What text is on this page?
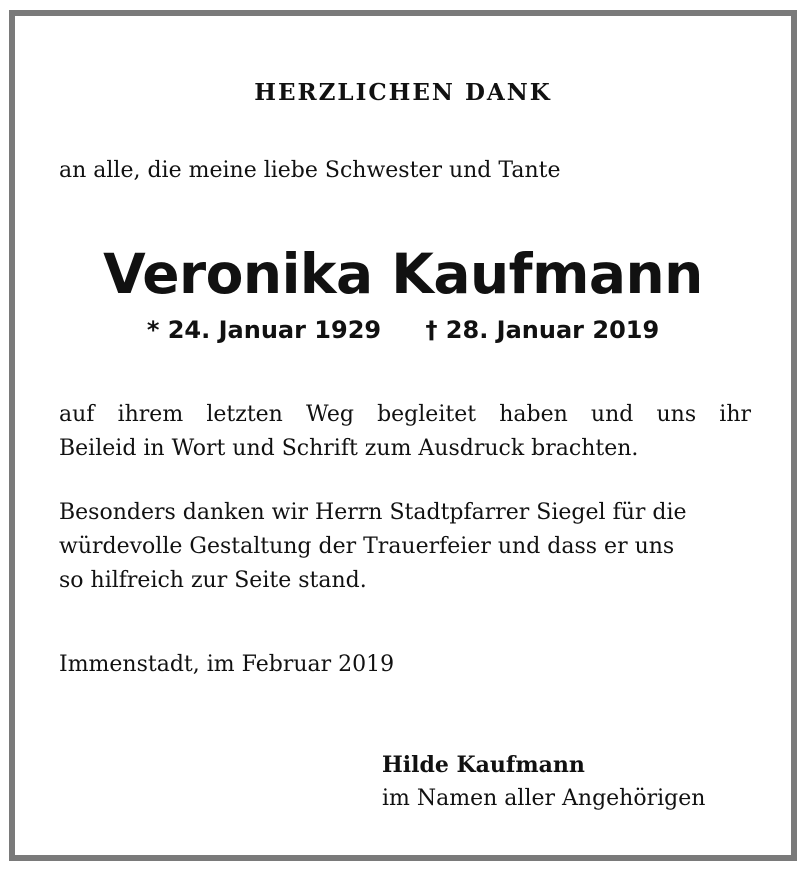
HERZLICHEN DANK
an alle, die meine liebe Schwester und Tante
Veronika Kaufmann
* 24. Januar 1929 † 28. Januar 2019
auf ihrem letzten Weg begleitet haben und uns ihr
Beileid in Wort und Schrift zum Ausdruck brachten.
Besonders danken wir Herrn Stadtpfarrer Siegel für die
würdevolle Gestaltung der Trauerfeier und dass er uns
so hilfreich zur Seite stand.
Immenstadt, im Februar 2019
Hilde Kaufmann
im Namen aller Angehörigen
